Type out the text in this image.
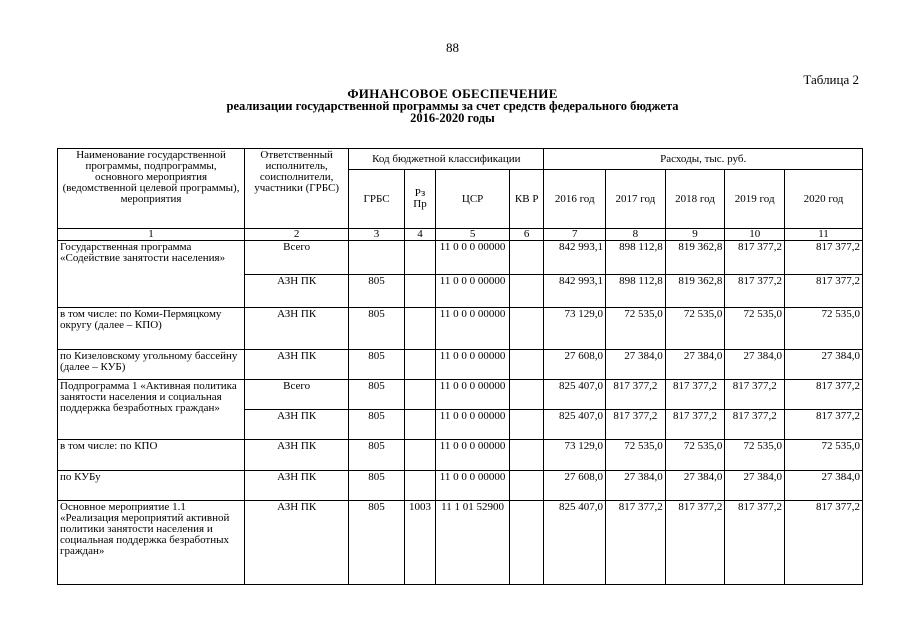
88
Таблица 2
ФИНАНСОВОЕ ОБЕСПЕЧЕНИЕ
реализации государственной программы за счет средств федерального бюджета
2016-2020 годы
Наименование государственной программы, подпрограммы, основного мероприятия (ведомственной целевой программы), мероприятия	Ответственный исполнитель, соисполнители, участники (ГРБС)	Код бюджетной классификации				Расходы, тыс. руб.				
		ГРБС	Рз Пр	ЦСР	КВ Р	2016 год	2017 год	2018 год	2019 год	2020 год
1	2	3	4	5	6	7	8	9	10	11
Государственная программа «Содействие занятости населения»	Всего			11 0 0 0 00000		842 993,1	898 112,8	819 362,8	817 377,2	817 377,2
	АЗН ПК	805		11 0 0 0 00000		842 993,1	898 112,8	819 362,8	817 377,2	817 377,2
в том числе: по Коми-Пермяцкому округу (далее – КПО)	АЗН ПК	805		11 0 0 0 00000		73 129,0	72 535,0	72 535,0	72 535,0	72 535,0
по Кизеловскому угольному бассейну (далее – КУБ)	АЗН ПК	805		11 0 0 0 00000		27 608,0	27 384,0	27 384,0	27 384,0	27 384,0
Подпрограмма 1 «Активная политика занятости населения и социальная поддержка безработных граждан»	Всего	805		11 0 0 0 00000		825 407,0	817 377,2	817 377,2	817 377,2	817 377,2
	АЗН ПК	805		11 0 0 0 00000		825 407,0	817 377,2	817 377,2	817 377,2	817 377,2
в том числе: по КПО	АЗН ПК	805		11 0 0 0 00000		73 129,0	72 535,0	72 535,0	72 535,0	72 535,0
по КУБу	АЗН ПК	805		11 0 0 0 00000		27 608,0	27 384,0	27 384,0	27 384,0	27 384,0
Основное мероприятие 1.1 «Реализация мероприятий активной политики занятости населения и социальная поддержка безработных граждан»	АЗН ПК	805	1003	11 1 01 52900		825 407,0	817 377,2	817 377,2	817 377,2	817 377,2
